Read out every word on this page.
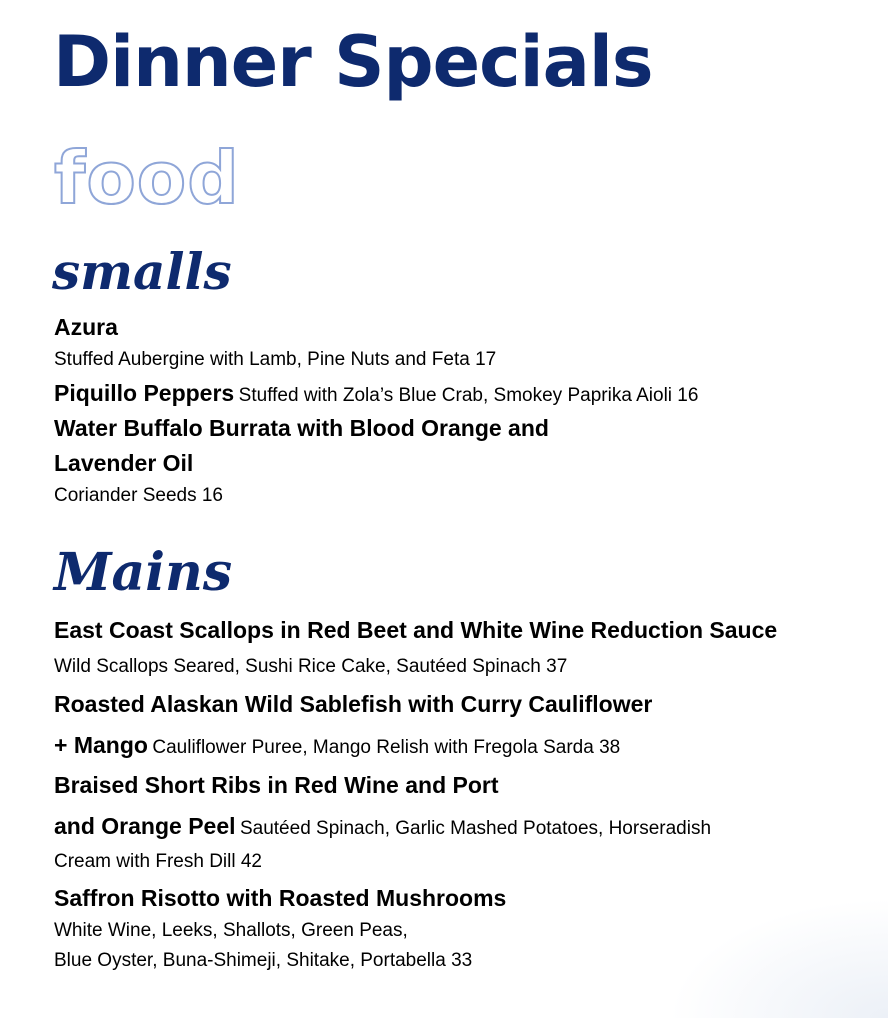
Dinner Specials
food
smalls
Azura
Stuffed Aubergine with Lamb, Pine Nuts and Feta 17
Piquillo Peppers Stuffed with Zola’s Blue Crab, Smokey Paprika Aioli 16
Water Buffalo Burrata with Blood Orange and
Lavender Oil
Coriander Seeds 16
Mains
East Coast Scallops in Red Beet and White Wine Reduction Sauce
Wild Scallops Seared, Sushi Rice Cake, Sautéed Spinach 37
Roasted Alaskan Wild Sablefish with Curry Cauliflower
+ Mango Cauliflower Puree, Mango Relish with Fregola Sarda 38
Braised Short Ribs in Red Wine and Port
and Orange Peel Sautéed Spinach, Garlic Mashed Potatoes, Horseradish
Cream with Fresh Dill 42
Saffron Risotto with Roasted Mushrooms
White Wine, Leeks, Shallots, Green Peas,
Blue Oyster, Buna-Shimeji, Shitake, Portabella 33
